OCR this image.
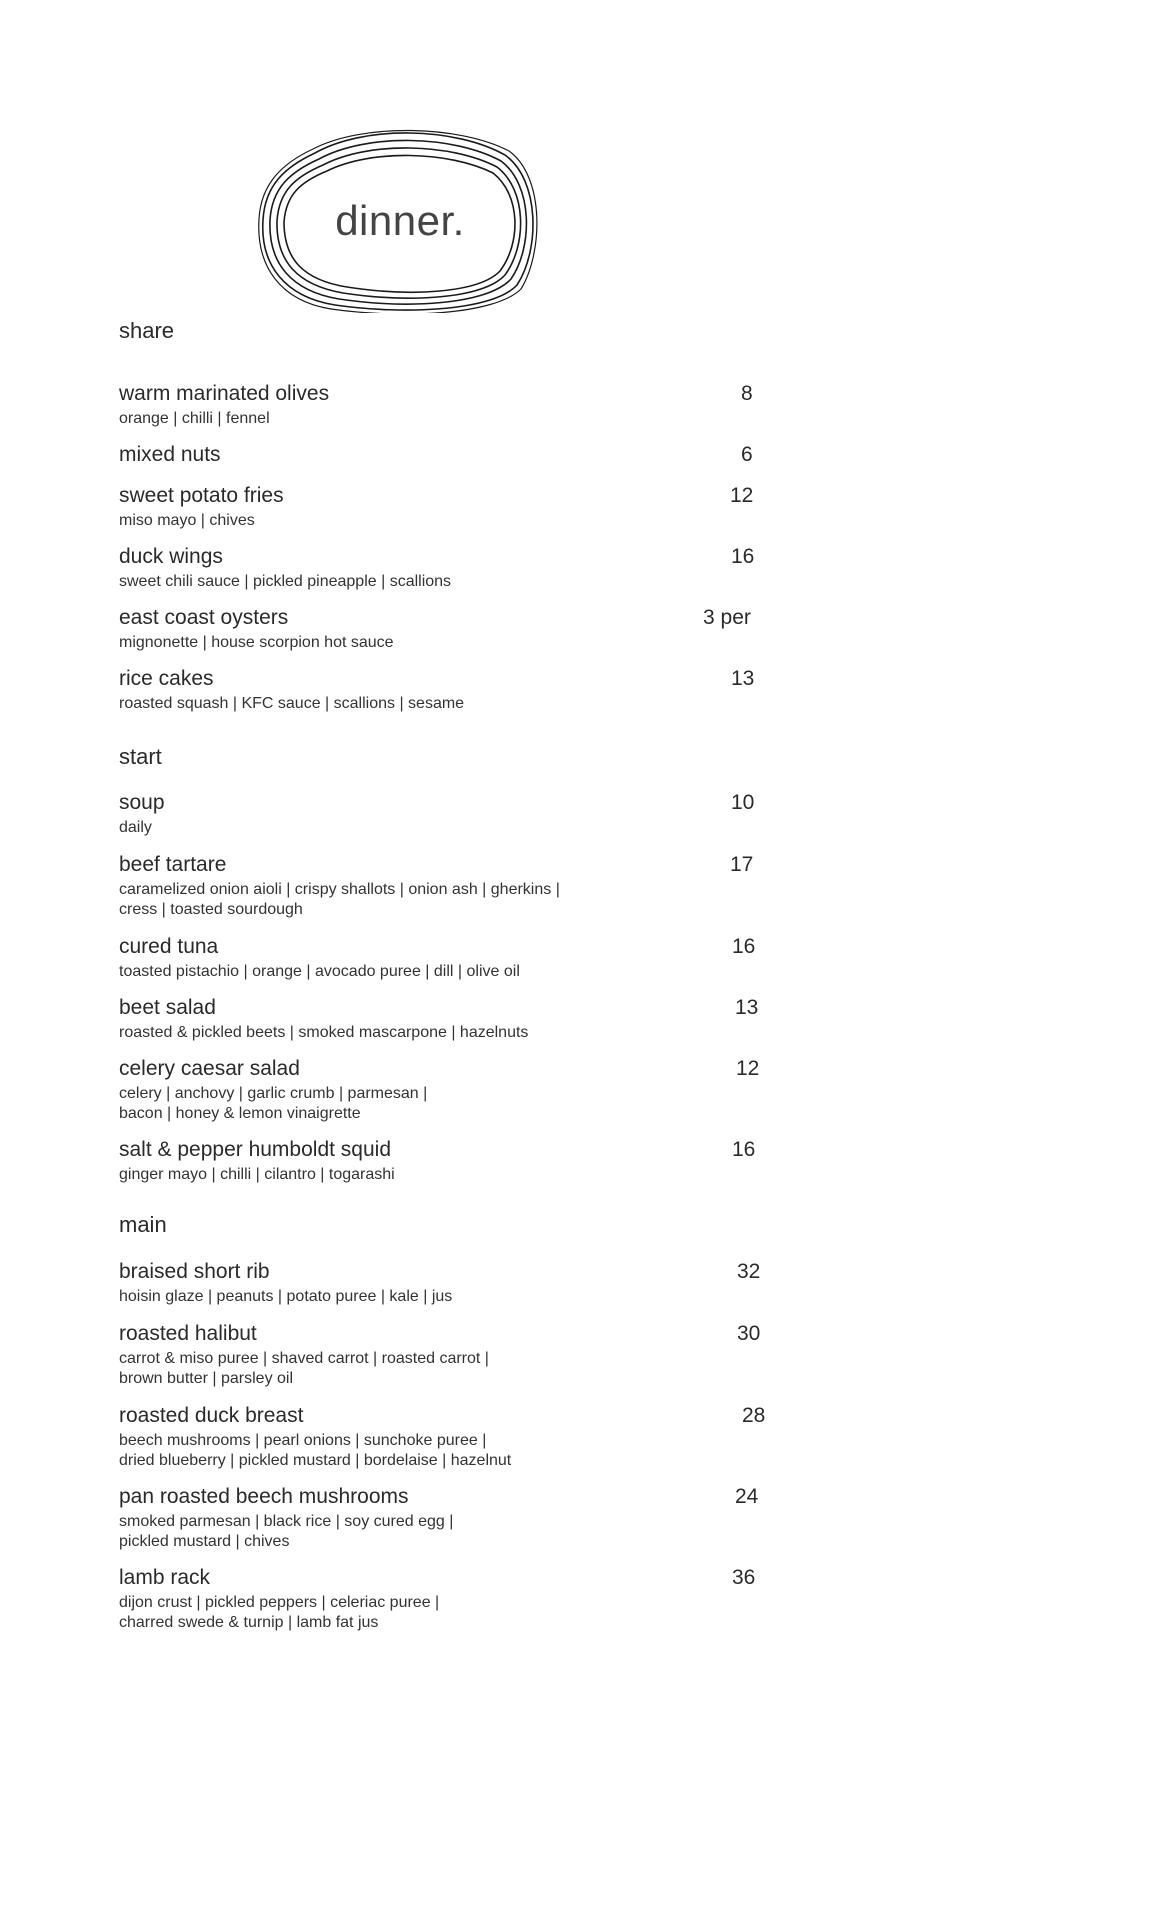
dinner.
share
warm marinated olives
orange | chilli | fennel
8
mixed nuts	6
sweet potato fries
miso mayo | chives
12
duck wings
sweet chili sauce | pickled pineapple | scallions
16
east coast oysters
mignonette | house scorpion hot sauce
3 per
rice cakes
roasted squash | KFC sauce | scallions | sesame
13
start
soup
daily
10
beef tartare
caramelized onion aioli | crispy shallots | onion ash | gherkins |
cress | toasted sourdough
17
cured tuna
toasted pistachio | orange | avocado puree | dill | olive oil
16
beet salad
roasted & pickled beets | smoked mascarpone | hazelnuts
13
celery caesar salad
celery | anchovy | garlic crumb | parmesan |
bacon | honey & lemon vinaigrette
12
salt & pepper humboldt squid
ginger mayo | chilli | cilantro | togarashi
16
main
braised short rib
hoisin glaze | peanuts | potato puree | kale | jus
32
roasted halibut
carrot & miso puree | shaved carrot | roasted carrot |
brown butter | parsley oil
30
roasted duck breast
beech mushrooms | pearl onions | sunchoke puree |
dried blueberry | pickled mustard | bordelaise | hazelnut
28
pan roasted beech mushrooms
smoked parmesan | black rice | soy cured egg |
pickled mustard | chives
24
lamb rack
dijon crust | pickled peppers | celeriac puree |
charred swede & turnip | lamb fat jus
36
